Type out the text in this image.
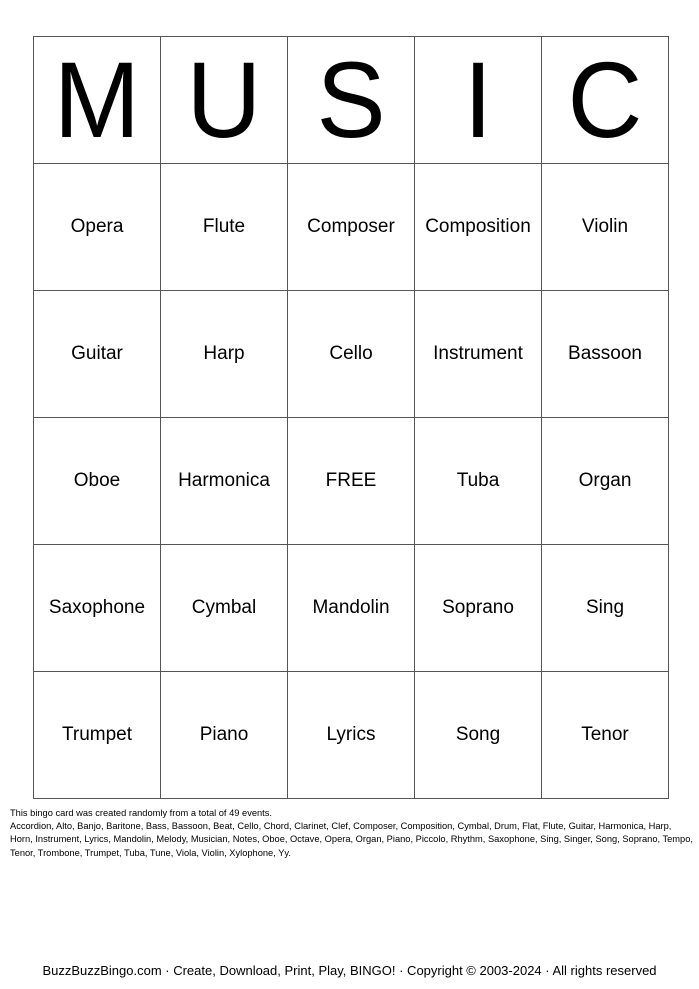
M	U	S	I	C
Opera	Flute	Composer	Composition	Violin
Guitar	Harp	Cello	Instrument	Bassoon
Oboe	Harmonica	FREE	Tuba	Organ
Saxophone	Cymbal	Mandolin	Soprano	Sing
Trumpet	Piano	Lyrics	Song	Tenor

This bingo card was created randomly from a total of 49 events.

Accordion, Alto, Banjo, Baritone, Bass, Bassoon, Beat, Cello, Chord, Clarinet, Clef, Composer, Composition, Cymbal, Drum, Flat, Flute, Guitar, Harmonica, Harp, Horn, Instrument, Lyrics, Mandolin, Melody, Musician, Notes, Oboe, Octave, Opera, Organ, Piano, Piccolo, Rhythm, Saxophone, Sing, Singer, Song, Soprano, Tempo, Tenor, Trombone, Trumpet, Tuba, Tune, Viola, Violin, Xylophone, Yy.

BuzzBuzzBingo.com · Create, Download, Print, Play, BINGO! · Copyright © 2003-2024 · All rights reserved
